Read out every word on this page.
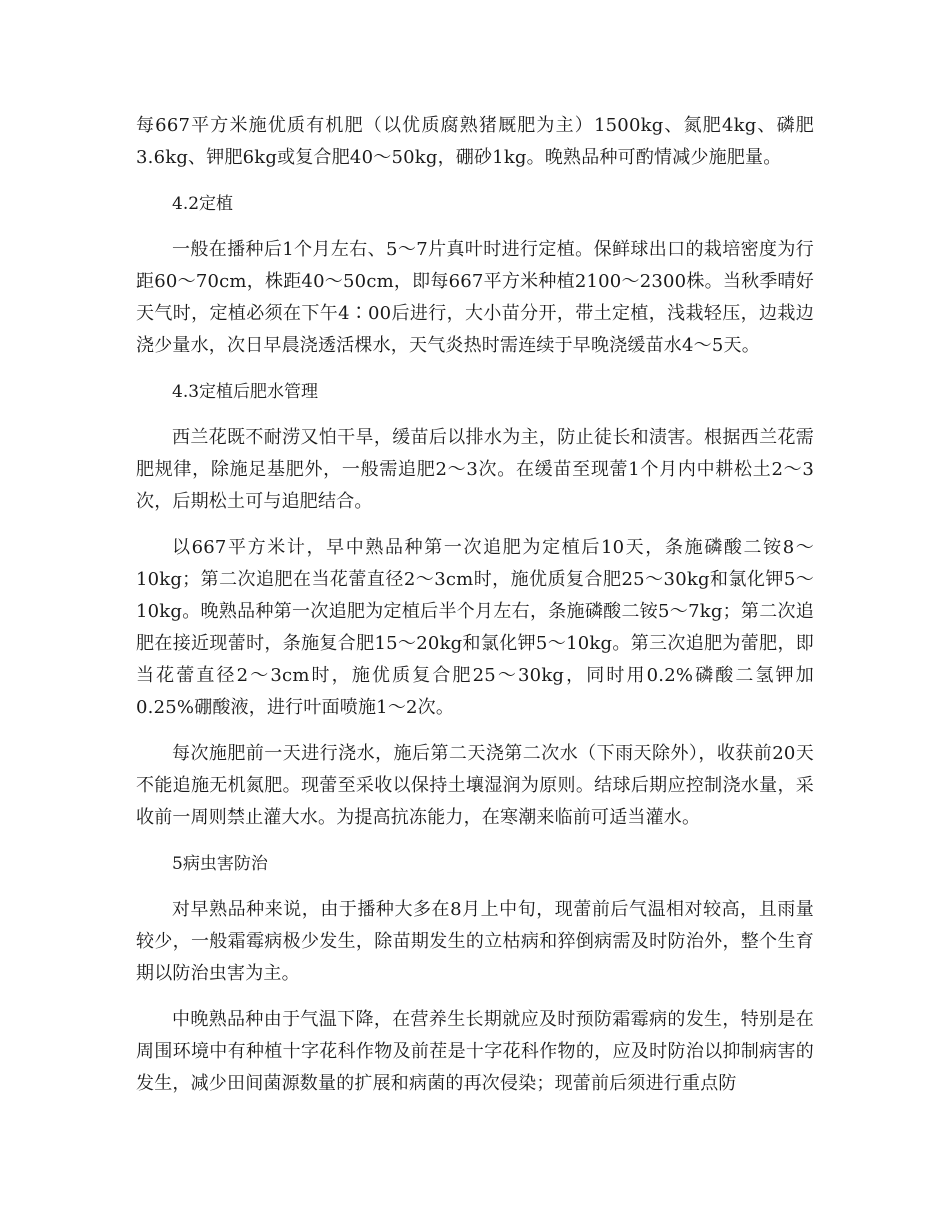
每667平方米施优质有机肥（以优质腐熟猪厩肥为主）1500kg、氮肥4kg、磷肥3.6kg、钾肥6kg或复合肥40～50kg，硼砂1kg。晚熟品种可酌情减少施肥量。

4.2定植

一般在播种后1个月左右、5～7片真叶时进行定植。保鲜球出口的栽培密度为行距60～70cm，株距40～50cm，即每667平方米种植2100～2300株。当秋季晴好天气时，定植必须在下午4∶00后进行，大小苗分开，带土定植，浅栽轻压，边栽边浇少量水，次日早晨浇透活棵水，天气炎热时需连续于早晚浇缓苗水4～5天。

4.3定植后肥水管理

西兰花既不耐涝又怕干旱，缓苗后以排水为主，防止徒长和渍害。根据西兰花需肥规律，除施足基肥外，一般需追肥2～3次。在缓苗至现蕾1个月内中耕松土2～3次，后期松土可与追肥结合。

以667平方米计，早中熟品种第一次追肥为定植后10天，条施磷酸二铵8～10kg；第二次追肥在当花蕾直径2～3cm时，施优质复合肥25～30kg和氯化钾5～10kg。晚熟品种第一次追肥为定植后半个月左右，条施磷酸二铵5～7kg；第二次追肥在接近现蕾时，条施复合肥15～20kg和氯化钾5～10kg。第三次追肥为蕾肥，即当花蕾直径2～3cm时，施优质复合肥25～30kg，同时用0.2%磷酸二氢钾加0.25%硼酸液，进行叶面喷施1～2次。

每次施肥前一天进行浇水，施后第二天浇第二次水（下雨天除外），收获前20天不能追施无机氮肥。现蕾至采收以保持土壤湿润为原则。结球后期应控制浇水量，采收前一周则禁止灌大水。为提高抗冻能力，在寒潮来临前可适当灌水。

5病虫害防治

对早熟品种来说，由于播种大多在8月上中旬，现蕾前后气温相对较高，且雨量较少，一般霜霉病极少发生，除苗期发生的立枯病和猝倒病需及时防治外，整个生育期以防治虫害为主。

中晚熟品种由于气温下降，在营养生长期就应及时预防霜霉病的发生，特别是在周围环境中有种植十字花科作物及前茬是十字花科作物的，应及时防治以抑制病害的发生，减少田间菌源数量的扩展和病菌的再次侵染；现蕾前后须进行重点防
